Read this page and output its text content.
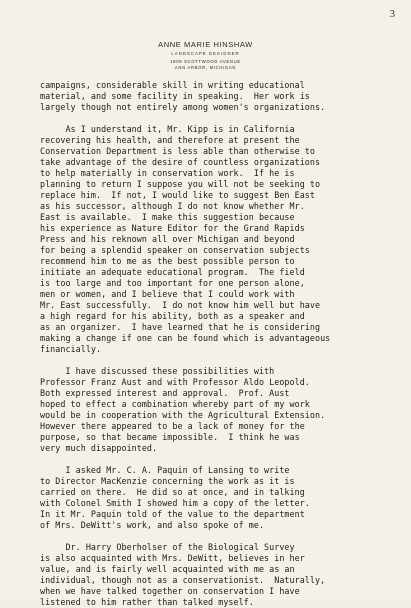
3
ANNE MARIE HINSHAW
LANDSCAPE DESIGNER
1909 SCOTTWOOD AVENUE
ANN ARBOR, MICHIGAN
campaigns, considerable skill in writing educational
material, and some facility in speaking.  Her work is
largely though not entirely among women's organizations.
As I understand it, Mr. Kipp is in California
recovering his health, and therefore at present the
Conservation Department is less able than otherwise to
take advantage of the desire of countless organizations
to help materially in conservation work.  If he is
planning to return I suppose you will not be seeking to
replace him.  If not, I would like to suggest Ben East
as his successor, although I do not know whether Mr.
East is available.  I make this suggestion because
his experience as Nature Editor for the Grand Rapids
Press and his reknown all over Michigan and beyond
for being a splendid speaker on conservation subjects
recommend him to me as the best possible person to
initiate an adequate educational program.  The field
is too large and too important for one person alone,
men or women, and I believe that I could work with
Mr. East successfully.  I do not know him well but have
a high regard for his ability, both as a speaker and
as an organizer.  I have learned that he is considering
making a change if one can be found which is advantageous
financially.
I have discussed these possibilities with
Professor Franz Aust and with Professor Aldo Leopold.
Both expressed interest and approval.  Prof. Aust
hoped to effect a combination whereby part of my work
would be in cooperation with the Agricultural Extension.
However there appeared to be a lack of money for the
purpose, so that became impossible.  I think he was
very much disappointed.
I asked Mr. C. A. Paquin of Lansing to write
to Director MacKenzie concerning the work as it is
carried on there.  He did so at once, and in talking
with Colonel Smith I showed him a copy of the letter.
In it Mr. Paquin told of the value to the department
of Mrs. DeWitt's work, and also spoke of me.
Dr. Harry Oberholser of the Biological Survey
is also acquainted with Mrs. DeWitt, believes in her
value, and is fairly well acquainted with me as an
individual, though not as a conservationist.  Naturally,
when we have talked together on conservation I have
listened to him rather than talked myself.
